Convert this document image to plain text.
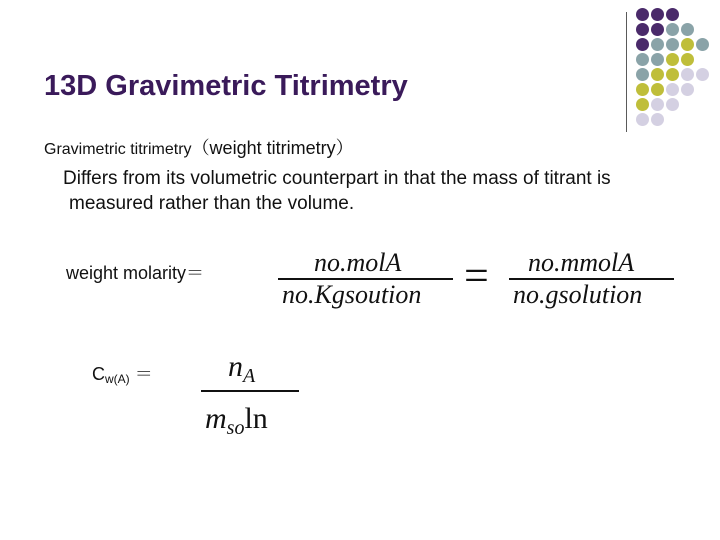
13D Gravimetric Titrimetry
Gravimetric titrimetry（weight titrimetry）
Differs from its volumetric counterpart in that the mass of titrant is
measured rather than the volume.
weight molarity＝
$C_{w(A)}$ ＝
no.molA
no.Kgsoution = no.mmolA
no.gsolution
$n_A$
$m_{so}\ln$
